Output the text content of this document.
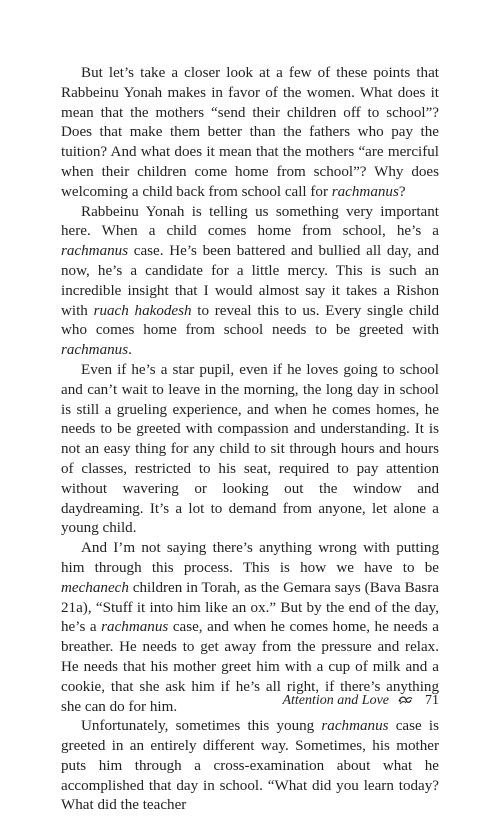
But let’s take a closer look at a few of these points that Rabbeinu Yonah makes in favor of the women. What does it mean that the mothers “send their children off to school”? Does that make them better than the fathers who pay the tuition? And what does it mean that the mothers “are merciful when their children come home from school”? Why does welcoming a child back from school call for rachmanus?

Rabbeinu Yonah is telling us something very important here. When a child comes home from school, he’s a rachmanus case. He’s been battered and bullied all day, and now, he’s a candidate for a little mercy. This is such an incredible insight that I would almost say it takes a Rishon with ruach hakodesh to reveal this to us. Every single child who comes home from school needs to be greeted with rachmanus.

Even if he’s a star pupil, even if he loves going to school and can’t wait to leave in the morning, the long day in school is still a grueling experience, and when he comes homes, he needs to be greeted with compassion and understanding. It is not an easy thing for any child to sit through hours and hours of classes, restricted to his seat, required to pay attention without wavering or looking out the window and daydreaming. It’s a lot to demand from anyone, let alone a young child.

And I’m not saying there’s anything wrong with putting him through this process. This is how we have to be mechanech children in Torah, as the Gemara says (Bava Basra 21a), “Stuff it into him like an ox.” But by the end of the day, he’s a rachmanus case, and when he comes home, he needs a breather. He needs to get away from the pressure and relax. He needs that his mother greet him with a cup of milk and a cookie, that she ask him if he’s all right, if there’s anything she can do for him.

Unfortunately, sometimes this young rachmanus case is greeted in an entirely different way. Sometimes, his mother puts him through a cross-examination about what he accomplished that day in school. “What did you learn today? What did the teacher

Attention and Love	71
